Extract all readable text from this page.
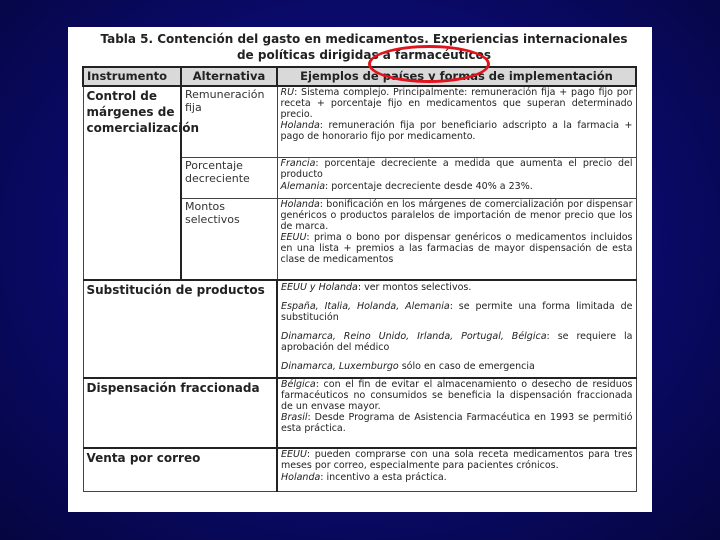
Tabla 5. Contención del gasto en medicamentos. Experiencias internacionales
de políticas dirigidas a farmacéuticos
Instrumento	Alternativa	Ejemplos de países y formas de implementación
Control de márgenes de comercialización	Remuneración fija	RU: Sistema complejo. Principalmente: remuneración fija + pago fijo por receta + porcentaje fijo en medicamentos que superan determinado precio.

Holanda: remuneración fija por beneficiario adscripto a la farmacia + pago de honorario fijo por medicamento.

	Porcentaje decreciente	Francia: porcentaje decreciente a medida que aumenta el precio del producto

Alemania: porcentaje decreciente desde 40% a 23%.

	Montos selectivos	Holanda: bonificación en los márgenes de comercialización por dispensar genéricos o productos paralelos de importación de menor precio que los de marca.

EEUU: prima o bono por dispensar genéricos o medicamentos incluidos en una lista + premios a las farmacias de mayor dispensación de esta clase de medicamentos

Substitución de productos		EEUU y Holanda: ver montos selectivos.

España, Italia, Holanda, Alemania: se permite una forma limitada de substitución

Dinamarca, Reino Unido, Irlanda, Portugal, Bélgica: se requiere la aprobación del médico

Dinamarca, Luxemburgo sólo en caso de emergencia

Dispensación fraccionada		Bélgica: con el fin de evitar el almacenamiento o desecho de residuos farmacéuticos no consumidos se beneficia la dispensación fraccionada de un envase mayor.

Brasil: Desde Programa de Asistencia Farmacéutica en 1993 se permitió esta práctica.

Venta por correo		EEUU: pueden comprarse con una sola receta medicamentos para tres meses por correo, especialmente para pacientes crónicos.

Holanda: incentivo a esta práctica.
